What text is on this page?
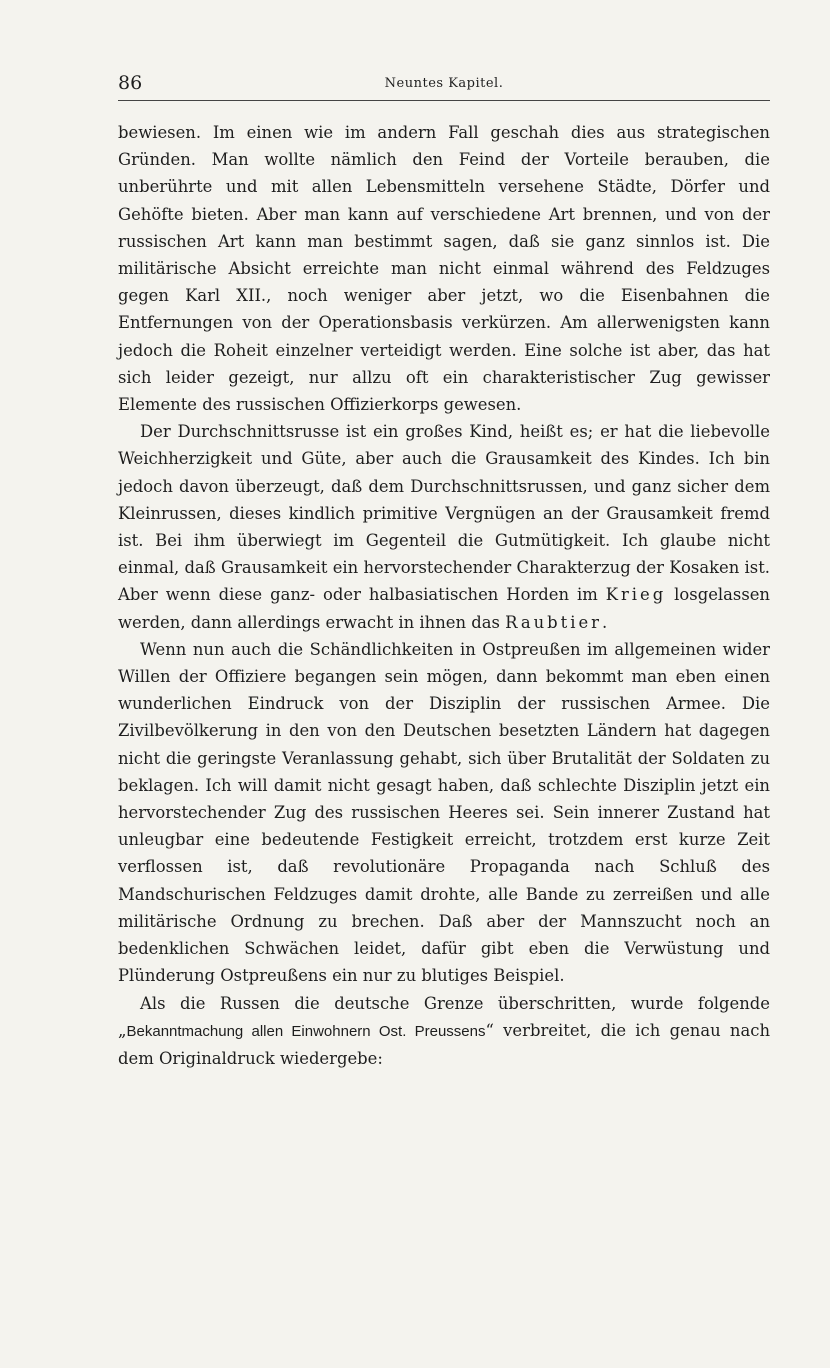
86	Neuntes Kapitel.

bewiesen. Im einen wie im andern Fall geschah dies aus strategischen Gründen. Man wollte nämlich den Feind der Vorteile berauben, die unberührte und mit allen Lebensmitteln versehene Städte, Dörfer und Gehöfte bieten. Aber man kann auf verschiedene Art brennen, und von der russischen Art kann man bestimmt sagen, daß sie ganz sinnlos ist. Die militärische Absicht erreichte man nicht einmal während des Feldzuges gegen Karl XII., noch weniger aber jetzt, wo die Eisenbahnen die Entfernungen von der Operationsbasis verkürzen. Am allerwenigsten kann jedoch die Roheit einzelner verteidigt werden. Eine solche ist aber, das hat sich leider gezeigt, nur allzu oft ein charakteristischer Zug gewisser Elemente des russischen Offizierkorps gewesen.

Der Durchschnittsrusse ist ein großes Kind, heißt es; er hat die liebevolle Weichherzigkeit und Güte, aber auch die Grausamkeit des Kindes. Ich bin jedoch davon überzeugt, daß dem Durchschnittsrussen, und ganz sicher dem Kleinrussen, dieses kindlich primitive Vergnügen an der Grausamkeit fremd ist. Bei ihm überwiegt im Gegenteil die Gutmütigkeit. Ich glaube nicht einmal, daß Grausamkeit ein hervorstechender Charakterzug der Kosaken ist. Aber wenn diese ganz- oder halbasiatischen Horden im Krieg losgelassen werden, dann allerdings erwacht in ihnen das Raubtier.

Wenn nun auch die Schändlichkeiten in Ostpreußen im allgemeinen wider Willen der Offiziere begangen sein mögen, dann bekommt man eben einen wunderlichen Eindruck von der Disziplin der russischen Armee. Die Zivilbevölkerung in den von den Deutschen besetzten Ländern hat dagegen nicht die geringste Veranlassung gehabt, sich über Brutalität der Soldaten zu beklagen. Ich will damit nicht gesagt haben, daß schlechte Disziplin jetzt ein hervorstechender Zug des russischen Heeres sei. Sein innerer Zustand hat unleugbar eine bedeutende Festigkeit erreicht, trotzdem erst kurze Zeit verflossen ist, daß revolutionäre Propaganda nach Schluß des Mandschurischen Feldzuges damit drohte, alle Bande zu zerreißen und alle militärische Ordnung zu brechen. Daß aber der Mannszucht noch an bedenklichen Schwächen leidet, dafür gibt eben die Verwüstung und Plünderung Ostpreußens ein nur zu blutiges Beispiel.

Als die Russen die deutsche Grenze überschritten, wurde folgende „Bekanntmachung allen Einwohnern Ost. Preussens“ verbreitet, die ich genau nach dem Originaldruck wiedergebe:
